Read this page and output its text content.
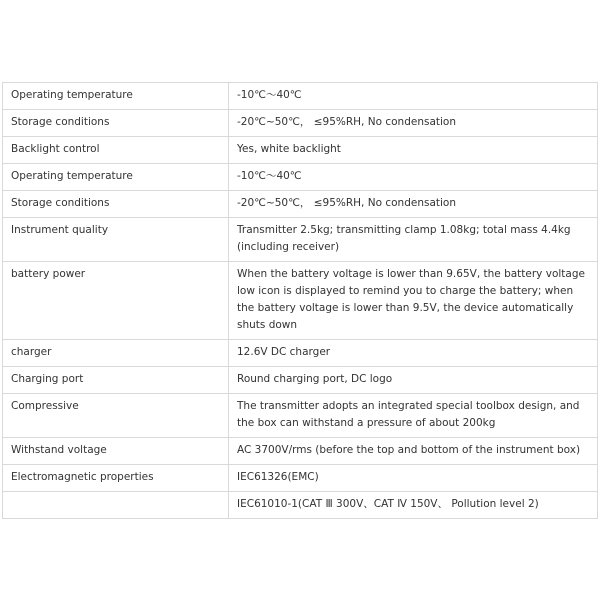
Operating temperature	-10℃～40℃
Storage conditions	-20℃~50℃， ≤95%RH, No condensation
Backlight control	Yes, white backlight
Operating temperature	-10℃～40℃
Storage conditions	-20℃~50℃， ≤95%RH, No condensation
Instrument quality	Transmitter 2.5kg; transmitting clamp 1.08kg; total mass 4.4kg (including receiver)
battery power	When the battery voltage is lower than 9.65V, the battery voltage low icon is displayed to remind you to charge the battery; when
the battery voltage is lower than 9.5V, the device automatically shuts down
charger	12.6V DC charger
Charging port	Round charging port, DC logo
Compressive	The transmitter adopts an integrated special toolbox design, and the box can withstand a pressure of about 200kg
Withstand voltage	AC 3700V/rms (before the top and bottom of the instrument box)
Electromagnetic properties	IEC61326(EMC)
	IEC61010-1(CAT Ⅲ 300V、CAT Ⅳ 150V、 Pollution level 2)
